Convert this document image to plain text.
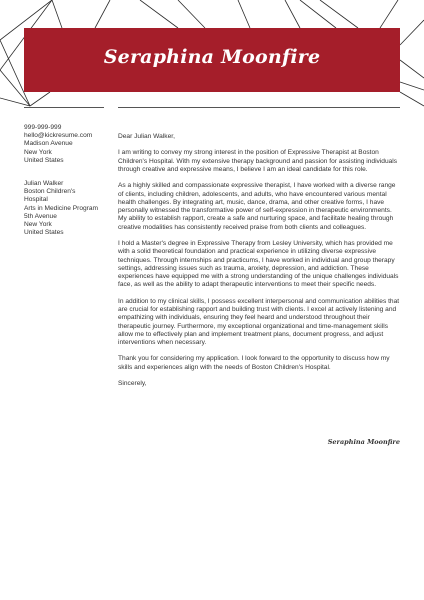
Seraphina Moonfire
999-999-999
hello@kickresume.com
Madison Avenue
New York
United States
Julian Walker
Boston Children's
Hospital
Arts in Medicine Program
5th Avenue
New York
United States

Dear Julian Walker,

I am writing to convey my strong interest in the position of Expressive Therapist at Boston Children's Hospital. With my extensive therapy background and passion for assisting individuals through creative and expressive means, I believe I am an ideal candidate for this role.

As a highly skilled and compassionate expressive therapist, I have worked with a diverse range of clients, including children, adolescents, and adults, who have encountered various mental health challenges. By integrating art, music, dance, drama, and other creative forms, I have personally witnessed the transformative power of self-expression in therapeutic environments. My ability to establish rapport, create a safe and nurturing space, and facilitate healing through creative modalities has consistently received praise from both clients and colleagues.

I hold a Master's degree in Expressive Therapy from Lesley University, which has provided me with a solid theoretical foundation and practical experience in utilizing diverse expressive techniques. Through internships and practicums, I have worked in individual and group therapy settings, addressing issues such as trauma, anxiety, depression, and addiction. These experiences have equipped me with a strong understanding of the unique challenges individuals face, as well as the ability to adapt therapeutic interventions to meet their specific needs.

In addition to my clinical skills, I possess excellent interpersonal and communication abilities that are crucial for establishing rapport and building trust with clients. I excel at actively listening and empathizing with individuals, ensuring they feel heard and understood throughout their therapeutic journey. Furthermore, my exceptional organizational and time-management skills allow me to effectively plan and implement treatment plans, document progress, and adjust interventions when necessary.

Thank you for considering my application. I look forward to the opportunity to discuss how my skills and experiences align with the needs of Boston Children's Hospital.

Sincerely,

Seraphina Moonfire
